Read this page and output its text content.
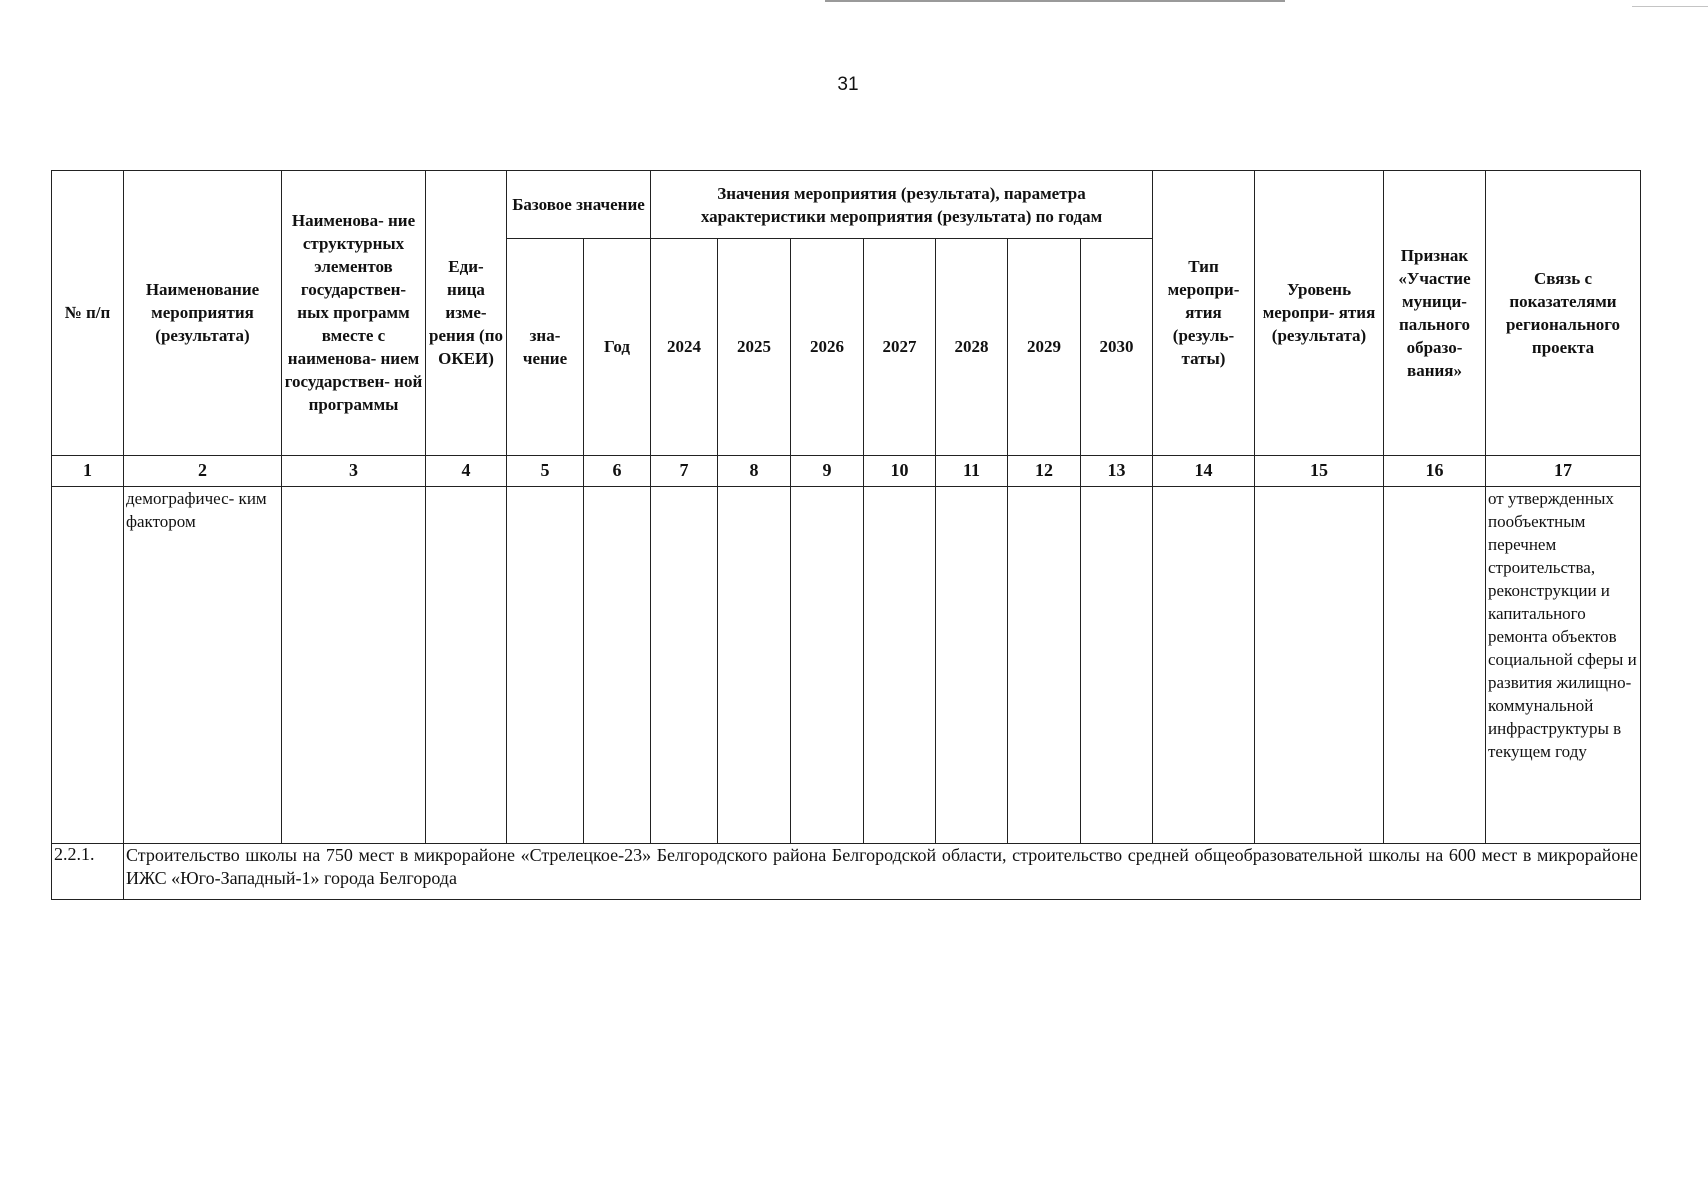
31
№ п/п	Наименование мероприятия (результата)	Наименова- ние структурных элементов государствен- ных программ вместе с наименова- нием государствен- ной программы	Еди- ница изме- рения (по ОКЕИ)	Базовое значение		Значения мероприятия (результата), параметра характеристики мероприятия (результата) по годам							Тип меропри- ятия (резуль- таты)	Уровень меропри- ятия (результата)	Признак «Участие муници- пального образо- вания»	Связь с показателями регионального проекта
				зна- чение	Год	2024	2025	2026	2027	2028	2029	2030				
1	2	3	4	5	6	7	8	9	10	11	12	13	14	15	16	17
	демографичес- ким фактором															от утвержденных пообъектным перечнем строительства, реконструкции и капитального ремонта объектов социальной сферы и развития жилищно- коммунальной инфраструктуры в текущем году
2.2.1.	Строительство школы на 750 мест в микрорайоне «Стрелецкое-23» Белгородского района Белгородской области, строительство средней общеобразовательной школы на 600 мест в микрорайоне ИЖС «Юго-Западный-1» города Белгорода															
